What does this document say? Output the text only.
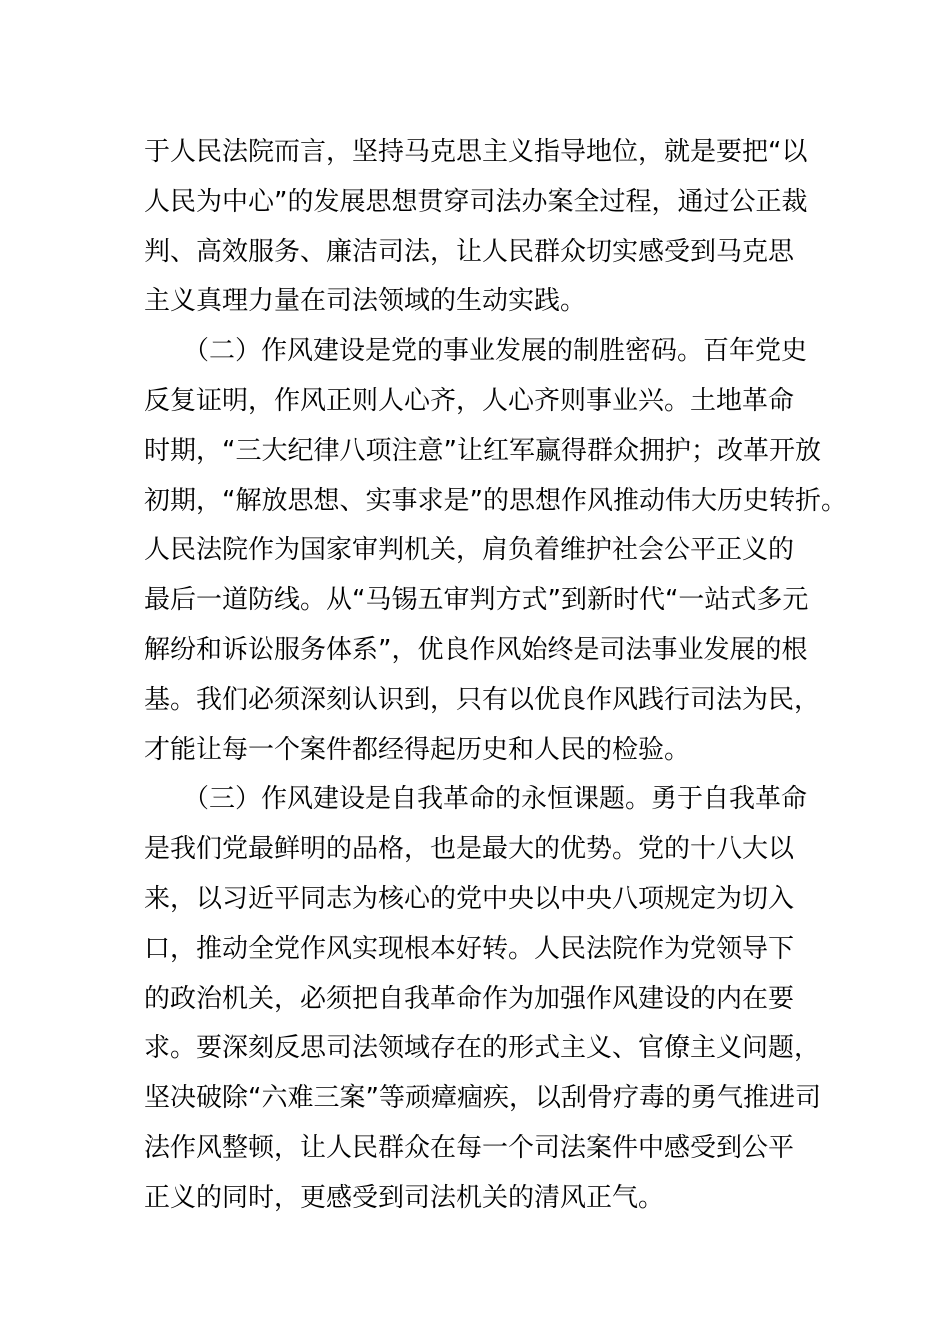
于人民法院而言，坚持马克思主义指导地位，就是要把“以
人民为中心”的发展思想贯穿司法办案全过程，通过公正裁
判、高效服务、廉洁司法，让人民群众切实感受到马克思
主义真理力量在司法领域的生动实践。
　　（二）作风建设是党的事业发展的制胜密码。百年党史
反复证明，作风正则人心齐，人心齐则事业兴。土地革命
时期，“三大纪律八项注意”让红军赢得群众拥护；改革开放
初期，“解放思想、实事求是”的思想作风推动伟大历史转折。
人民法院作为国家审判机关，肩负着维护社会公平正义的
最后一道防线。从“马锡五审判方式”到新时代“一站式多元
解纷和诉讼服务体系”，优良作风始终是司法事业发展的根
基。我们必须深刻认识到，只有以优良作风践行司法为民，
才能让每一个案件都经得起历史和人民的检验。
　　（三）作风建设是自我革命的永恒课题。勇于自我革命
是我们党最鲜明的品格，也是最大的优势。党的十八大以
来，以习近平同志为核心的党中央以中央八项规定为切入
口，推动全党作风实现根本好转。人民法院作为党领导下
的政治机关，必须把自我革命作为加强作风建设的内在要
求。要深刻反思司法领域存在的形式主义、官僚主义问题，
坚决破除“六难三案”等顽瘴痼疾，以刮骨疗毒的勇气推进司
法作风整顿，让人民群众在每一个司法案件中感受到公平
正义的同时，更感受到司法机关的清风正气。
